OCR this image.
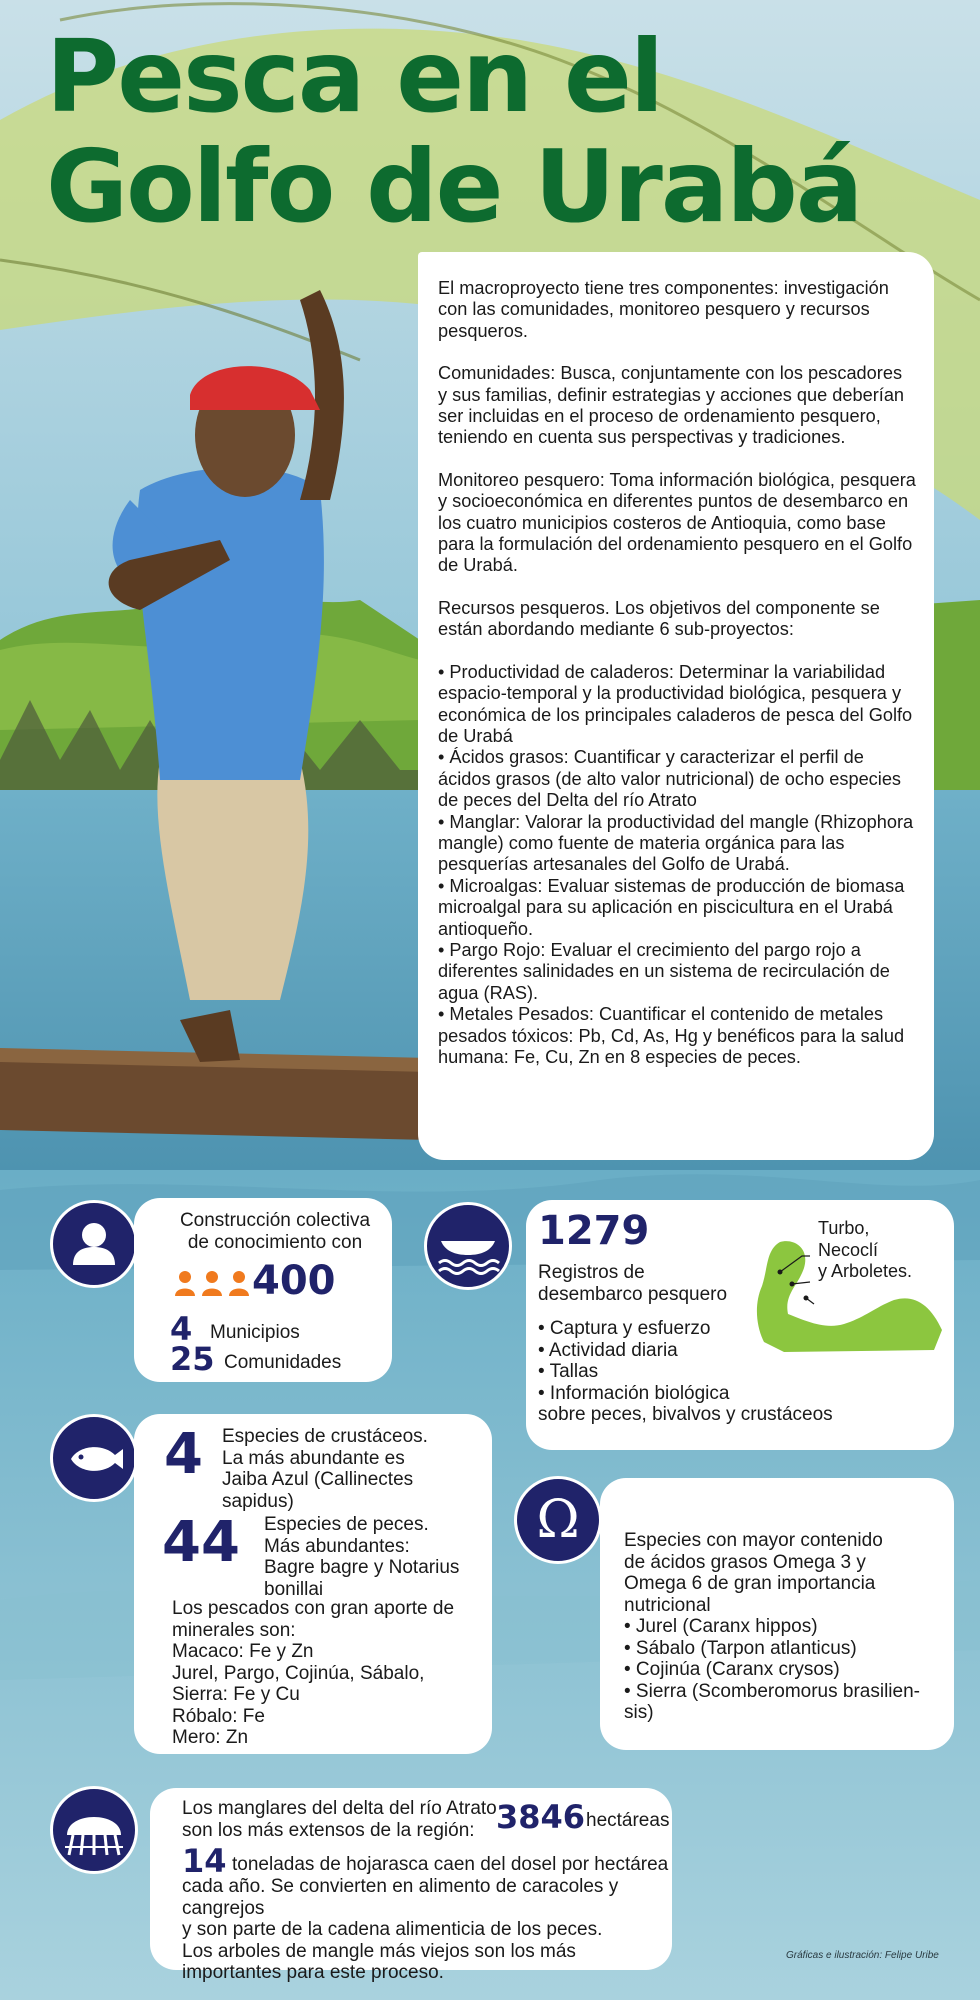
Pesca en el
Golfo de Urabá

El macroproyecto tiene tres componentes: investigación con las comunidades, monitoreo pesquero y recursos pesqueros.

Comunidades: Busca, conjuntamente con los pescadores y sus familias, definir estrategias y acciones que deberían ser incluidas en el proceso de ordenamiento pesquero, teniendo en cuenta sus perspectivas y tradiciones.

Monitoreo pesquero: Toma información biológica, pesquera y socioeconómica en diferentes puntos de desembarco en los cuatro municipios costeros de Antioquia, como base para la formulación del ordenamiento pesquero en el Golfo de Urabá.

Recursos pesqueros. Los objetivos del componente se están abordando mediante 6 sub-proyectos:

• Productividad de caladeros: Determinar la variabilidad espacio-temporal y la productividad biológica, pesquera y económica de los principales caladeros de pesca del Golfo de Urabá
• Ácidos grasos: Cuantificar y caracterizar el perfil de ácidos grasos (de alto valor nutricional) de ocho especies de peces del Delta del río Atrato
• Manglar: Valorar la productividad del mangle (Rhizophora mangle) como fuente de materia orgánica para las pesquerías artesanales del Golfo de Urabá.
• Microalgas: Evaluar sistemas de producción de biomasa microalgal para su aplicación en piscicultura en el Urabá antioqueño.
• Pargo Rojo: Evaluar el crecimiento del pargo rojo a diferentes salinidades en un sistema de recirculación de agua (RAS).
• Metales Pesados: Cuantificar el contenido de metales pesados tóxicos: Pb, Cd, As, Hg y benéficos para la salud humana: Fe, Cu, Zn en 8 especies de peces.
Construcción colectiva
de conocimiento con
400
4 Municipios
25 Comunidades
1279
Registros de
desembarco pesquero
Turbo,
Necoclí
y Arboletes.
• Captura y esfuerzo
• Actividad diaria
• Tallas
• Información biológica
sobre peces, bivalvos y crustáceos
4 Especies de crustáceos.
La más abundante es
Jaiba Azul (Callinectes
sapidus)
44 Especies de peces.
Más abundantes:
Bagre bagre y Notarius
bonillai
Los pescados con gran aporte de
minerales son:
Macaco: Fe y Zn
Jurel, Pargo, Cojinúa, Sábalo,
Sierra: Fe y Cu
Róbalo: Fe
Mero: Zn
Ω	Especies con mayor contenido
de ácidos grasos Omega 3 y
Omega 6 de gran importancia
nutricional
• Jurel (Caranx hippos)
• Sábalo (Tarpon atlanticus)
• Cojinúa (Caranx crysos)
• Sierra (Scomberomorus brasilien-
sis)
Los manglares del delta del río Atrato
son los más extensos de la región: 3846 hectáreas
14 toneladas de hojarasca caen del dosel por hectárea
cada año. Se convierten en alimento de caracoles y cangrejos
y son parte de la cadena alimenticia de los peces.
Los arboles de mangle más viejos son los más
importantes para este proceso.
Gráficas e ilustración: Felipe Uribe
